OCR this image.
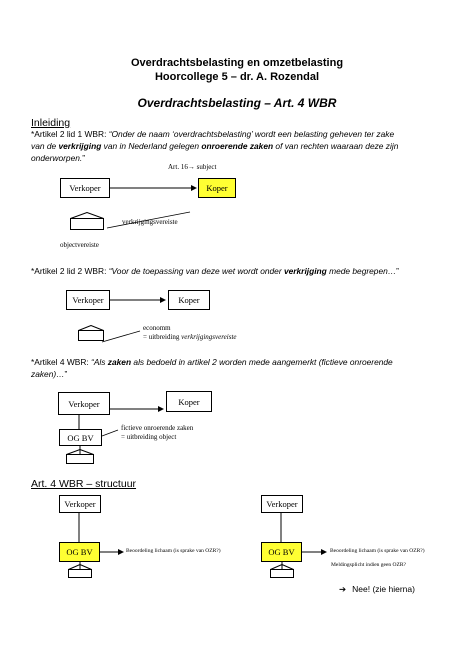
Overdrachtsbelasting en omzetbelasting
Hoorcollege 5 – dr. A. Rozendal
Overdrachtsbelasting – Art. 4 WBR
Inleiding
*Artikel 2 lid 1 WBR: “Onder de naam ‘overdrachtsbelasting’ wordt een belasting geheven ter zake
van de verkrijging van in Nederland gelegen onroerende zaken of van rechten waaraan deze zijn
onderworpen.”
Verkoper	Koper
Art. 16→ subject
verkrijgingsvereiste
objectvereiste
*Artikel 2 lid 2 WBR: “Voor de toepassing van deze wet wordt onder verkrijging mede begrepen…”
Verkoper	Koper
economm
= uitbreiding verkrijgingsvereiste
*Artikel 4 WBR: “Als zaken als bedoeld in artikel 2 worden mede aangemerkt (fictieve onroerende
zaken)…”
Verkoper	Koper
OG BV
fictieve onroerende zaken
= uitbreiding object
Art. 4 WBR – structuur
Verkoper
OG BV	Beoordeling lichaam (is sprake van OZR?)
Verkoper
OG BV	Beoordeling lichaam (is sprake van OZR?)
Meldingsplicht indien geen OZR?
➔ Nee! (zie hierna)
